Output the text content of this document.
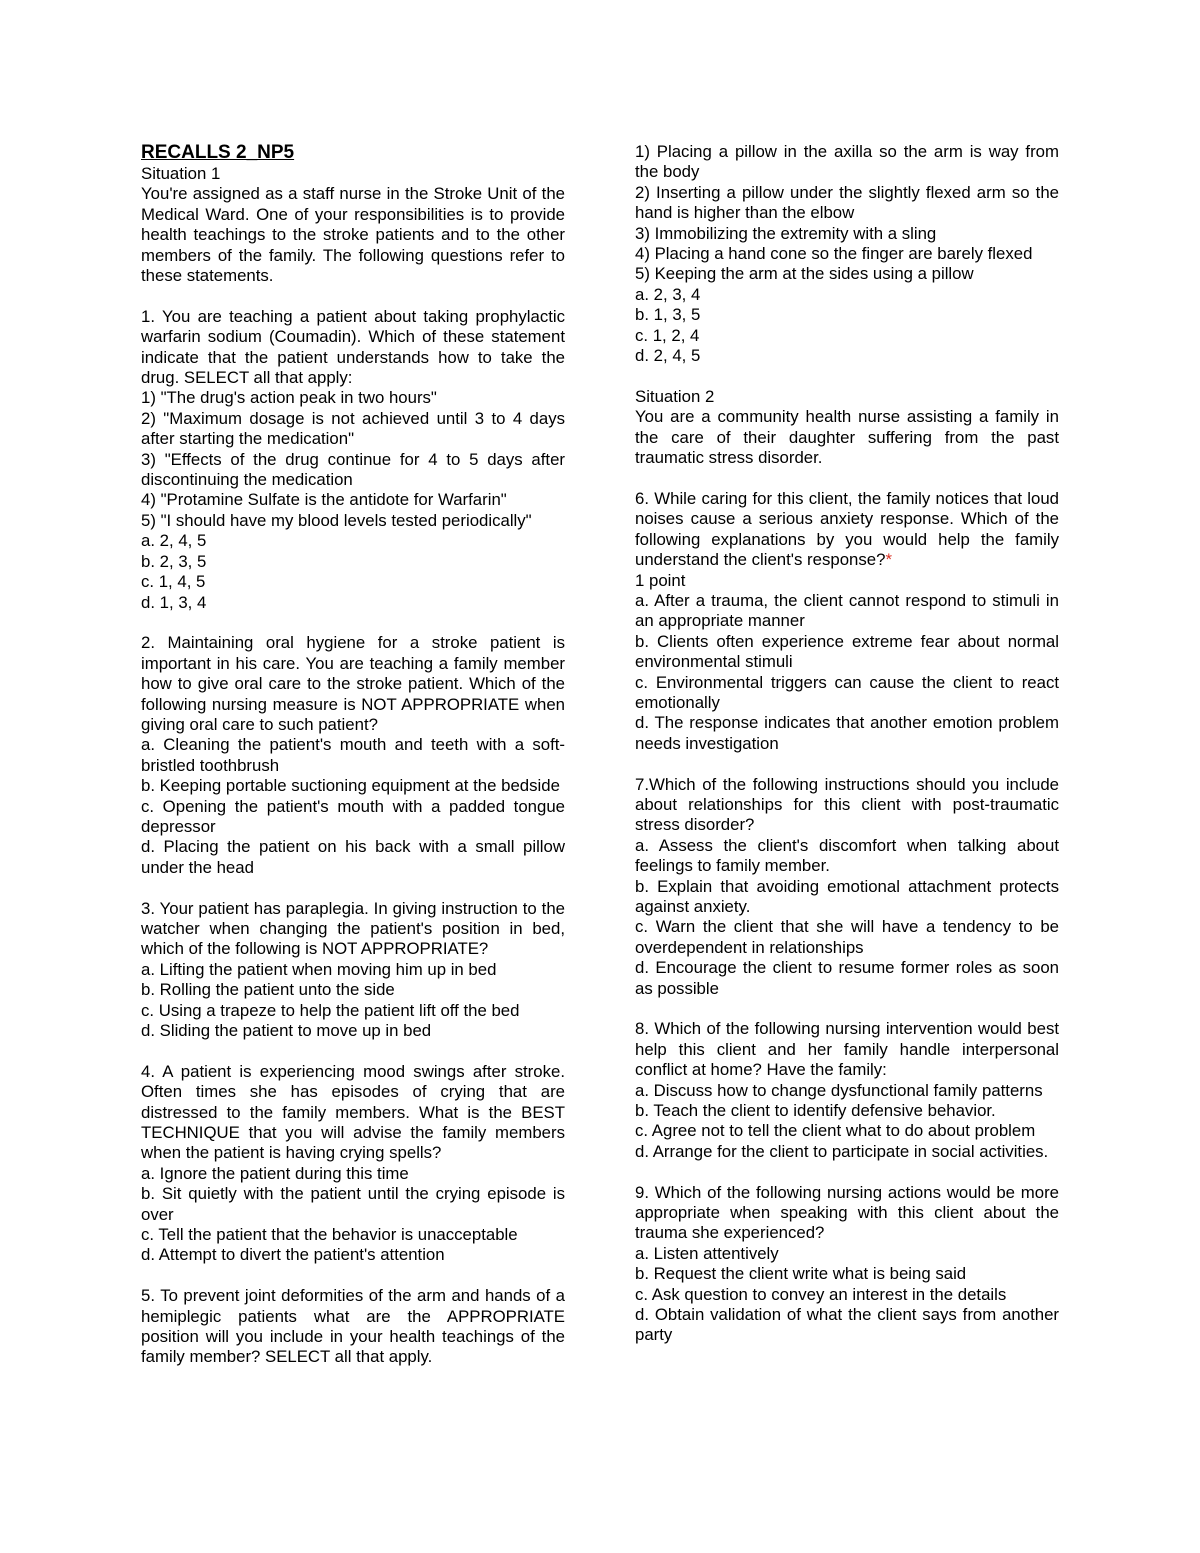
RECALLS 2_NP5

Situation 1

You're assigned as a staff nurse in the Stroke Unit of the Medical Ward. One of your responsibilities is to provide health teachings to the stroke patients and to the other members of the family. The following questions refer to these statements.

1. You are teaching a patient about taking prophylactic warfarin sodium (Coumadin). Which of these statement indicate that the patient understands how to take the drug. SELECT all that apply:

1) "The drug's action peak in two hours"

2) "Maximum dosage is not achieved until 3 to 4 days after starting the medication"

3) "Effects of the drug continue for 4 to 5 days after discontinuing the medication

4) "Protamine Sulfate is the antidote for Warfarin"

5) "I should have my blood levels tested periodically"

a. 2, 4, 5

b. 2, 3, 5

c. 1, 4, 5

d. 1, 3, 4

2. Maintaining oral hygiene for a stroke patient is important in his care. You are teaching a family member how to give oral care to the stroke patient. Which of the following nursing measure is NOT APPROPRIATE when giving oral care to such patient?

a. Cleaning the patient's mouth and teeth with a soft-bristled toothbrush

b. Keeping portable suctioning equipment at the bedside

c. Opening the patient's mouth with a padded tongue depressor

d. Placing the patient on his back with a small pillow under the head

3. Your patient has paraplegia. In giving instruction to the watcher when changing the patient's position in bed, which of the following is NOT APPROPRIATE?

a. Lifting the patient when moving him up in bed

b. Rolling the patient unto the side

c. Using a trapeze to help the patient lift off the bed

d. Sliding the patient to move up in bed

4. A patient is experiencing mood swings after stroke. Often times she has episodes of crying that are distressed to the family members. What is the BEST TECHNIQUE that you will advise the family members when the patient is having crying spells?

a. Ignore the patient during this time

b. Sit quietly with the patient until the crying episode is over

c. Tell the patient that the behavior is unacceptable

d. Attempt to divert the patient's attention

5. To prevent joint deformities of the arm and hands of a hemiplegic patients what are the APPROPRIATE position will you include in your health teachings of the family member? SELECT all that apply.

1) Placing a pillow in the axilla so the arm is way from the body

2) Inserting a pillow under the slightly flexed arm so the hand is higher than the elbow

3) Immobilizing the extremity with a sling

4) Placing a hand cone so the finger are barely flexed

5) Keeping the arm at the sides using a pillow

a. 2, 3, 4

b. 1, 3, 5

c. 1, 2, 4

d. 2, 4, 5

Situation 2

You are a community health nurse assisting a family in the care of their daughter suffering from the past traumatic stress disorder.

6. While caring for this client, the family notices that loud noises cause a serious anxiety response. Which of the following explanations by you would help the family understand the client's response?*

1 point

a. After a trauma, the client cannot respond to stimuli in an appropriate manner

b. Clients often experience extreme fear about normal environmental stimuli

c. Environmental triggers can cause the client to react emotionally

d. The response indicates that another emotion problem needs investigation

7.Which of the following instructions should you include about relationships for this client with post-traumatic stress disorder?

a. Assess the client's discomfort when talking about feelings to family member.

b. Explain that avoiding emotional attachment protects against anxiety.

c. Warn the client that she will have a tendency to be overdependent in relationships

d. Encourage the client to resume former roles as soon as possible

8. Which of the following nursing intervention would best help this client and her family handle interpersonal conflict at home? Have the family:

a. Discuss how to change dysfunctional family patterns

b. Teach the client to identify defensive behavior.

c. Agree not to tell the client what to do about problem

d. Arrange for the client to participate in social activities.

9. Which of the following nursing actions would be more appropriate when speaking with this client about the trauma she experienced?

a. Listen attentively

b. Request the client write what is being said

c. Ask question to convey an interest in the details

d. Obtain validation of what the client says from another party
